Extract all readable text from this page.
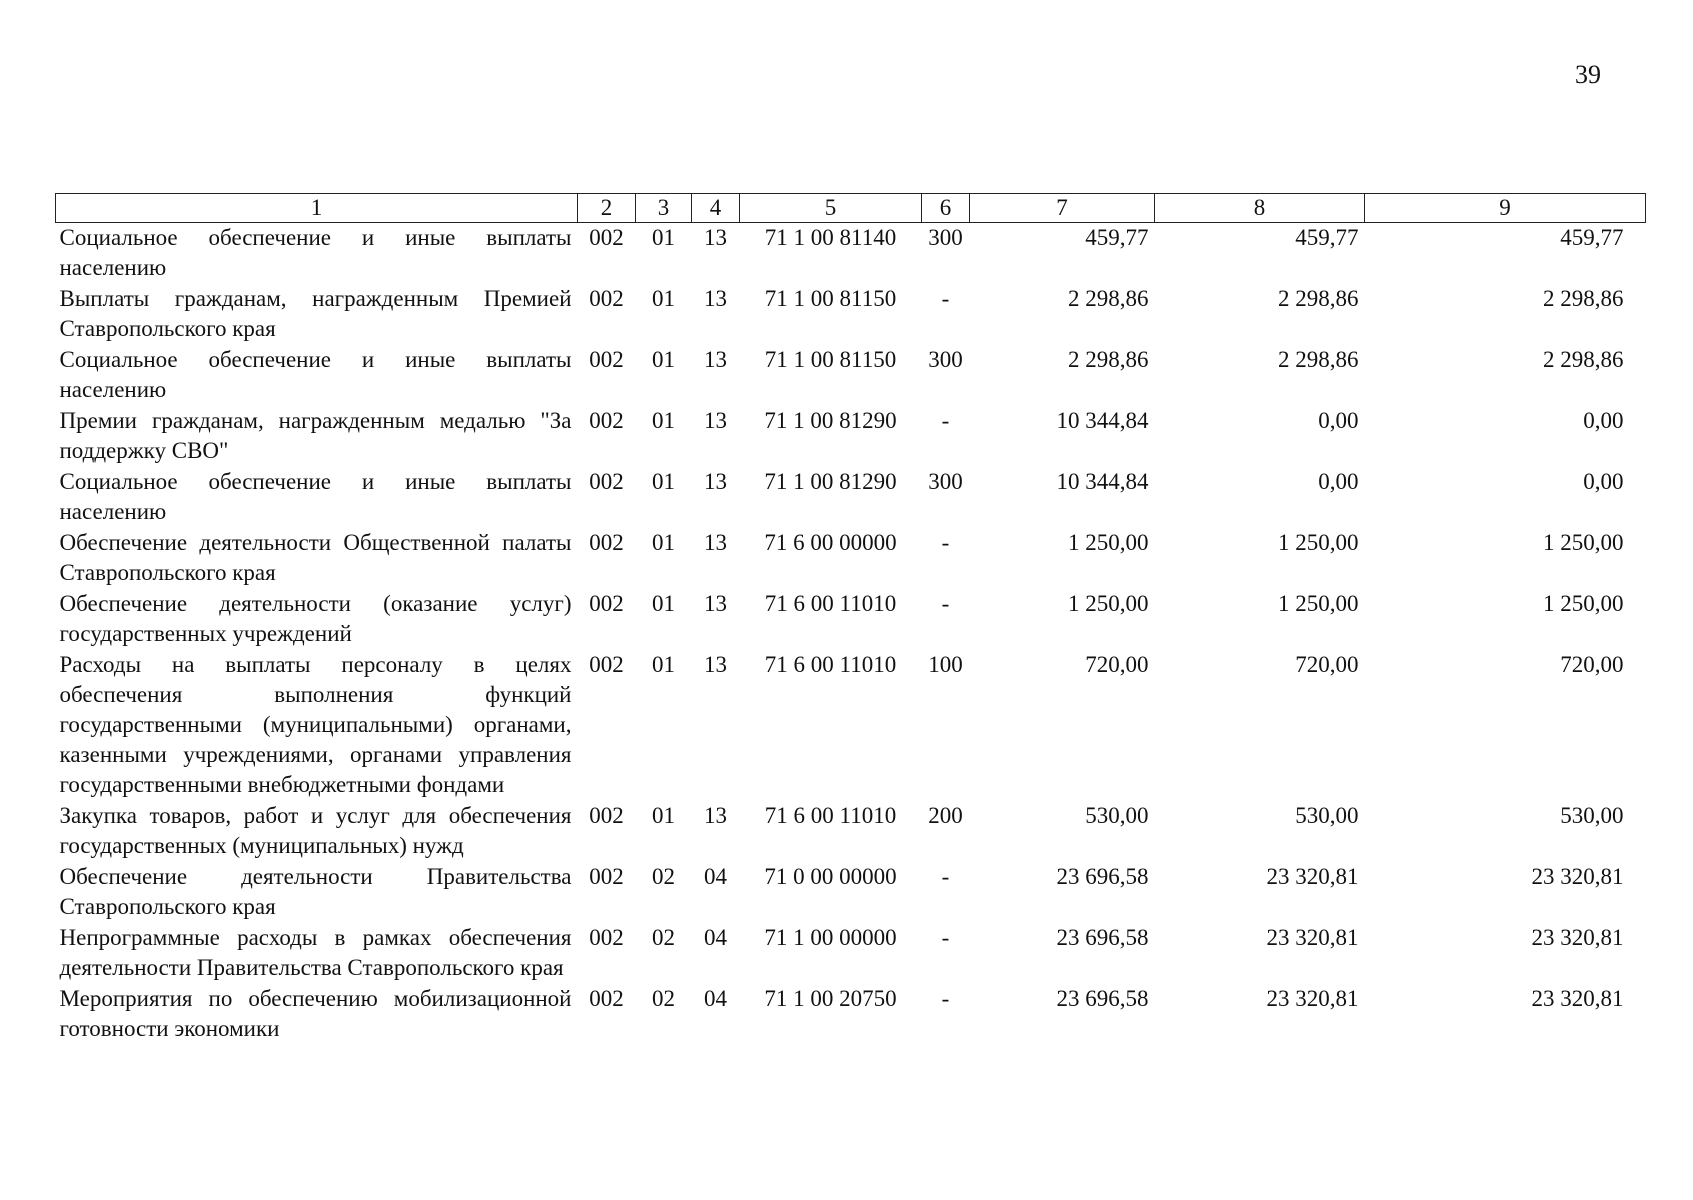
39
1	2	3	4	5	6	7	8	9
Социальное обеспечение и иные выплаты населению	002	01	13	71 1 00 81140	300	459,77	459,77	459,77
Выплаты гражданам, награжденным Премией Ставропольского края	002	01	13	71 1 00 81150	-	2 298,86	2 298,86	2 298,86
Социальное обеспечение и иные выплаты населению	002	01	13	71 1 00 81150	300	2 298,86	2 298,86	2 298,86
Премии гражданам, награжденным медалью "За поддержку СВО"	002	01	13	71 1 00 81290	-	10 344,84	0,00	0,00
Социальное обеспечение и иные выплаты населению	002	01	13	71 1 00 81290	300	10 344,84	0,00	0,00
Обеспечение деятельности Общественной палаты Ставропольского края	002	01	13	71 6 00 00000	-	1 250,00	1 250,00	1 250,00
Обеспечение деятельности (оказание услуг) государственных учреждений	002	01	13	71 6 00 11010	-	1 250,00	1 250,00	1 250,00
Расходы на выплаты персоналу в целях обеспечения выполнения функций государственными (муниципальными) органами, казенными учреждениями, органами управления государственными внебюджетными фондами	002	01	13	71 6 00 11010	100	720,00	720,00	720,00
Закупка товаров, работ и услуг для обеспечения государственных (муниципальных) нужд	002	01	13	71 6 00 11010	200	530,00	530,00	530,00
Обеспечение деятельности Правительства Ставропольского края	002	02	04	71 0 00 00000	-	23 696,58	23 320,81	23 320,81
Непрограммные расходы в рамках обеспечения деятельности Правительства Ставропольского края	002	02	04	71 1 00 00000	-	23 696,58	23 320,81	23 320,81
Мероприятия по обеспечению мобилизационной готовности экономики	002	02	04	71 1 00 20750	-	23 696,58	23 320,81	23 320,81
